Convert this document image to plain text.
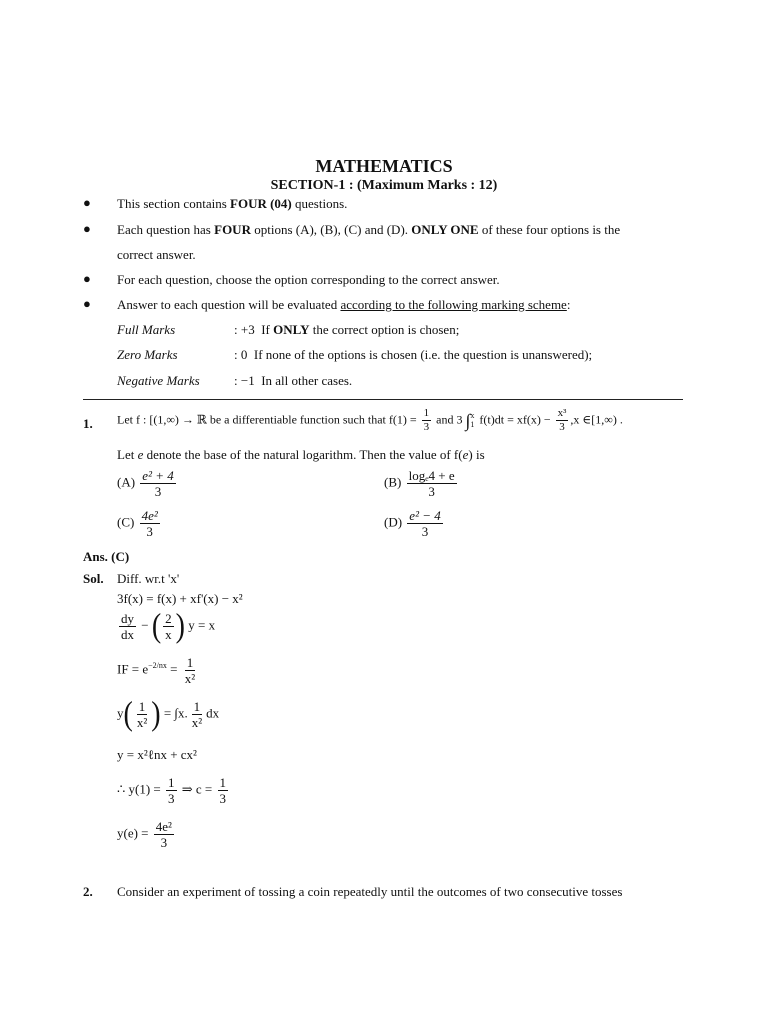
MATHEMATICS
SECTION-1 : (Maximum Marks : 12)
● This section contains FOUR (04) questions.
● Each question has FOUR options (A), (B), (C) and (D). ONLY ONE of these four options is the
correct answer.
● For each question, choose the option corresponding to the correct answer.
● Answer to each question will be evaluated according to the following marking scheme:
Full Marks	: +3 If ONLY the correct option is chosen;
Zero Marks	: 0 If none of the options is chosen (i.e. the question is unanswered);
Negative Marks	: −1 In all other cases.
1. Let f : [(1,∞) → ℝ be a differentiable function such that $f(1) = \frac{1}{3}$ and 3 ∫ x
1 $f(t)dt = xf(x) - \frac{\text{x³}}{3} ,x$ ∈[1,∞) .
Let e denote the base of the natural logarithm. Then the value of f(e) is
$(A) \frac{\text{e² + 4}}{3}$	$(B) \frac{\text{logₑ4 + e}}{3}$
$(C) \frac{\text{4e²}}{3}$	$(D) \frac{\text{e² − 4}}{3}$
Ans. (C)
Sol. Diff. wr.t 'x'
3f(x) = f(x) + xf'(x) − x²
$\frac{dy}{dx}$ − ( $\frac{2}{x}$ ) y = x
IF = $e^{-2/nx} = \frac{1}{\text{x²}}$
$y( \frac{1}{\text{x²}}$ ) = ∫x. $\frac{1}{\text{x²}}$ dx
y = x²ℓnx + cx²
∴ $y(1) = \frac{1}{3}$ ⇒ $c = \frac{1}{3}$
$y(e) = \frac{\text{4e²}}{3}$
2. Consider an experiment of tossing a coin repeatedly until the outcomes of two consecutive tosses
